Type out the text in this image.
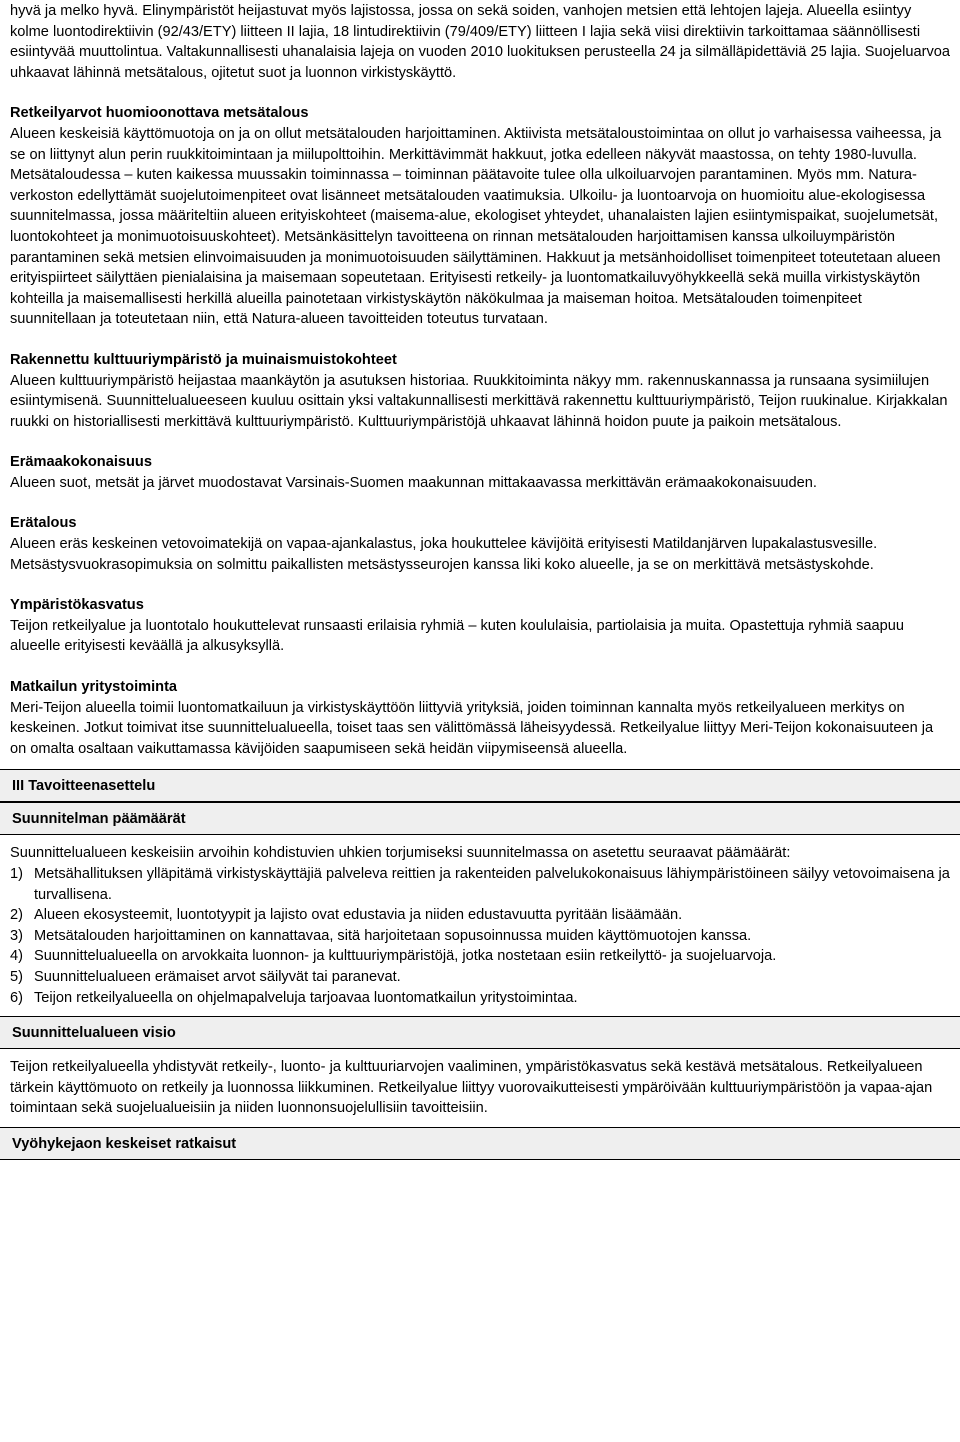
hyvä ja melko hyvä. Elinympäristöt heijastuvat myös lajistossa, jossa on sekä soiden, vanhojen metsien että lehtojen lajeja. Alueella esiintyy kolme luontodirektiivin (92/43/ETY) liitteen II lajia, 18 lintudirektiivin (79/409/ETY) liitteen I lajia sekä viisi direktiivin tarkoittamaa säännöllisesti esiintyvää muuttolintua. Valtakunnallisesti uhanalaisia lajeja on vuoden 2010 luokituksen perusteella 24 ja silmälläpidettäviä 25 lajia. Suojeluarvoa uhkaavat lähinnä metsätalous, ojitetut suot ja luonnon virkistyskäyttö.

Retkeilyarvot huomioonottava metsätalous

Alueen keskeisiä käyttömuotoja on ja on ollut metsätalouden harjoittaminen. Aktiivista metsätaloustoimintaa on ollut jo varhaisessa vaiheessa, ja se on liittynyt alun perin ruukkitoimintaan ja miilupolttoihin. Merkittävimmät hakkuut, jotka edelleen näkyvät maastossa, on tehty 1980-luvulla. Metsätaloudessa – kuten kaikessa muussakin toiminnassa – toiminnan päätavoite tulee olla ulkoiluarvojen parantaminen. Myös mm. Natura-verkoston edellyttämät suojelutoimenpiteet ovat lisänneet metsätalouden vaatimuksia. Ulkoilu- ja luontoarvoja on huomioitu alue-ekologisessa suunnitelmassa, jossa määriteltiin alueen erityiskohteet (maisema-alue, ekologiset yhteydet, uhanalaisten lajien esiintymispaikat, suojelumetsät, luontokohteet ja monimuotoisuuskohteet). Metsänkäsittelyn tavoitteena on rinnan metsätalouden harjoittamisen kanssa ulkoiluympäristön parantaminen sekä metsien elinvoimaisuuden ja monimuotoisuuden säilyttäminen. Hakkuut ja metsänhoidolliset toimenpiteet toteutetaan alueen erityispiirteet säilyttäen pienialaisina ja maisemaan sopeutetaan. Erityisesti retkeily- ja luontomatkailuvyöhykkeellä sekä muilla virkistyskäytön kohteilla ja maisemallisesti herkillä alueilla painotetaan virkistyskäytön näkökulmaa ja maiseman hoitoa. Metsätalouden toimenpiteet suunnitellaan ja toteutetaan niin, että Natura-alueen tavoitteiden toteutus turvataan.

Rakennettu kulttuuriympäristö ja muinaismuistokohteet

Alueen kulttuuriympäristö heijastaa maankäytön ja asutuksen historiaa. Ruukkitoiminta näkyy mm. rakennuskannassa ja runsaana sysimiilujen esiintymisenä. Suunnittelualueeseen kuuluu osittain yksi valtakunnallisesti merkittävä rakennettu kulttuuriympäristö, Teijon ruukinalue. Kirjakkalan ruukki on historiallisesti merkittävä kulttuuriympäristö. Kulttuuriympäristöjä uhkaavat lähinnä hoidon puute ja paikoin metsätalous.

Erämaakokonaisuus

Alueen suot, metsät ja järvet muodostavat Varsinais-Suomen maakunnan mittakaavassa merkittävän erämaakokonaisuuden.

Erätalous

Alueen eräs keskeinen vetovoimatekijä on vapaa-ajankalastus, joka houkuttelee kävijöitä erityisesti Matildanjärven lupakalastusvesille. Metsästysvuokrasopimuksia on solmittu paikallisten metsästysseurojen kanssa liki koko alueelle, ja se on merkittävä metsästyskohde.

Ympäristökasvatus

Teijon retkeilyalue ja luontotalo houkuttelevat runsaasti erilaisia ryhmiä – kuten koululaisia, partiolaisia ja muita. Opastettuja ryhmiä saapuu alueelle erityisesti keväällä ja alkusyksyllä.

Matkailun yritystoiminta

Meri-Teijon alueella toimii luontomatkailuun ja virkistyskäyttöön liittyviä yrityksiä, joiden toiminnan kannalta myös retkeilyalueen merkitys on keskeinen. Jotkut toimivat itse suunnittelualueella, toiset taas sen välittömässä läheisyydessä. Retkeilyalue liittyy Meri-Teijon kokonaisuuteen ja on omalta osaltaan vaikuttamassa kävijöiden saapumiseen sekä heidän viipymiseensä alueella.

III Tavoitteenasettelu
Suunnitelman päämäärät

Suunnittelualueen keskeisiin arvoihin kohdistuvien uhkien torjumiseksi suunnitelmassa on asetettu seuraavat päämäärät:

1) Metsähallituksen ylläpitämä virkistyskäyttäjiä palveleva reittien ja rakenteiden palvelukokonaisuus lähiympäristöineen säilyy vetovoimaisena ja turvallisena.
2) Alueen ekosysteemit, luontotyypit ja lajisto ovat edustavia ja niiden edustavuutta pyritään lisäämään.
3) Metsätalouden harjoittaminen on kannattavaa, sitä harjoitetaan sopusoinnussa muiden käyttömuotojen kanssa.
4) Suunnittelualueella on arvokkaita luonnon- ja kulttuuriympäristöjä, jotka nostetaan esiin retkeilyttö- ja suojeluarvoja.
5) Suunnittelualueen erämaiset arvot säilyvät tai paranevat.
6) Teijon retkeilyalueella on ohjelmapalveluja tarjoavaa luontomatkailun yritystoimintaa.
Suunnittelualueen visio

Teijon retkeilyalueella yhdistyvät retkeily-, luonto- ja kulttuuriarvojen vaaliminen, ympäristökasvatus sekä kestävä metsätalous. Retkeilyalueen tärkein käyttömuoto on retkeily ja luonnossa liikkuminen. Retkeilyalue liittyy vuorovaikutteisesti ympäröivään kulttuuriympäristöön ja vapaa-ajan toimintaan sekä suojelualueisiin ja niiden luonnonsuojelullisiin tavoitteisiin.

Vyöhykejaon keskeiset ratkaisut
